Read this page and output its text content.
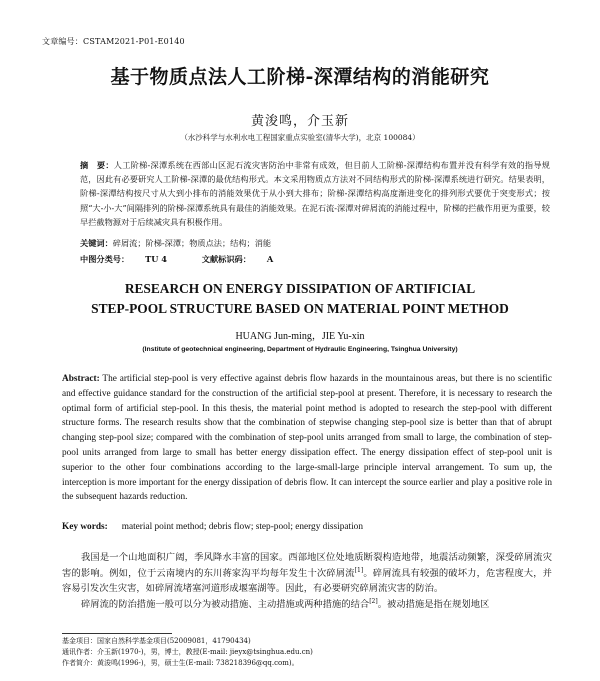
文章编号：CSTAM2021-P01-E0140
基于物质点法人工阶梯-深潭结构的消能研究
黄浚鸣，介玉新
（水沙科学与水利水电工程国家重点实验室(清华大学)，北京 100084）
摘　要：人工阶梯-深潭系统在西部山区泥石流灾害防治中非常有成效，但目前人工阶梯-深潭结构布置并没有科学有效的指导规范，因此有必要研究人工阶梯-深潭的最优结构形式。本文采用物质点方法对不同结构形式的阶梯-深潭系统进行研究。结果表明，阶梯-深潭结构按尺寸从大到小排布的消能效果优于从小到大排布；阶梯-深潭结构高度渐进变化的排列形式要优于突变形式；按照“大-小-大”间隔排列的阶梯-深潭系统具有最佳的消能效果。在泥石流-深潭对碎屑流的消能过程中，阶梯的拦截作用更为重要，较早拦截物源对于后续减灾具有积极作用。
关键词：碎屑流；阶梯-深潭；物质点法；结构；消能
中图分类号： TU 4	文献标识码： A
RESEARCH ON ENERGY DISSIPATION OF ARTIFICIAL
STEP-POOL STRUCTURE BASED ON MATERIAL POINT METHOD
HUANG Jun-ming，JIE Yu-xin
(Institute of geotechnical engineering, Department of Hydraulic Engineering, Tsinghua University)
Abstract: The artificial step-pool is very effective against debris flow hazards in the mountainous areas, but there is no scientific and effective guidance standard for the construction of the artificial step-pool at present. Therefore, it is necessary to research the optimal form of artificial step-pool. In this thesis, the material point method is adopted to research the step-pool with different structure forms. The research results show that the combination of stepwise changing step-pool size is better than that of abrupt changing step-pool size; compared with the combination of step-pool units arranged from small to large, the combination of step-pool units arranged from large to small has better energy dissipation effect. The energy dissipation effect of step-pool unit is superior to the other four combinations according to the large-small-large principle interval arrangement. To sum up, the interception is more important for the energy dissipation of debris flow. It can intercept the source earlier and play a positive role in the subsequent hazards reduction.
Key words: material point method; debris flow; step-pool; energy dissipation

我国是一个山地面积广阔，季风降水丰富的国家。西部地区位处地质断裂构造地带，地震活动频繁，深受碎屑流灾害的影响。例如，位于云南境内的东川蒋家沟平均每年发生十次碎屑流[1]。碎屑流具有较强的破坏力，危害程度大，并容易引发次生灾害，如碎屑流堵塞河道形成堰塞湖等。因此，有必要研究碎屑流灾害的防治。

碎屑流的防治措施一般可以分为被动措施、主动措施或两种措施的结合[2]。被动措施是指在规划地区

基金项目：国家自然科学基金项目(52009081，41790434)
通讯作者：介玉新(1970-)，男，博士，教授(E-mail: jieyx@tsinghua.edu.cn)
作者简介：黄浚鸣(1996-)，男，硕士生(E-mail: 738218396@qq.com)。
